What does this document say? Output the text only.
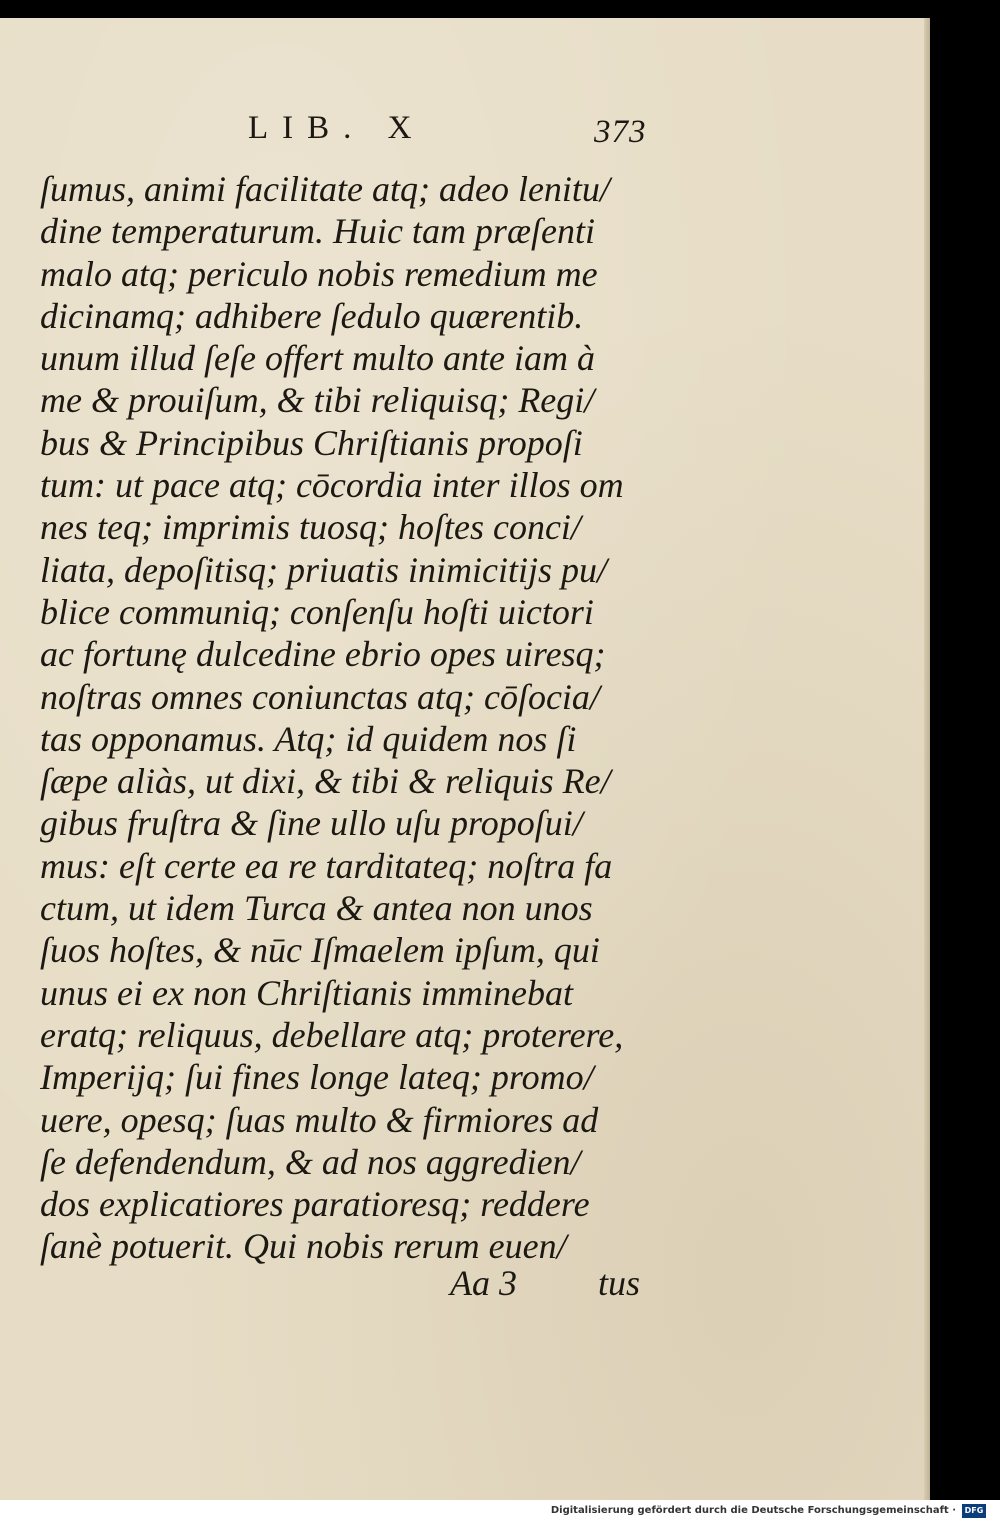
LIB. X	373
ſumus, animi facilitate atq; adeo lenitu/
dine temperaturum. Huic tam præſenti
malo atq; periculo nobis remedium me
dicinamq; adhibere ſedulo quærentib.
unum illud ſeſe offert multo ante iam à
me & prouiſum, & tibi reliquisq; Regi/
bus & Principibus Chriſtianis propoſi
tum: ut pace atq; cōcordia inter illos om
nes teq; imprimis tuosq; hoſtes conci/
liata, depoſitisq; priuatis inimicitijs pu/
blice communiq; conſenſu hoſti uictori
ac fortunę dulcedine ebrio opes uiresq;
noſtras omnes coniunctas atq; cōſocia/
tas opponamus. Atq; id quidem nos ſi
ſæpe aliàs, ut dixi, & tibi & reliquis Re/
gibus fruſtra & ſine ullo uſu propoſui/
mus: eſt certe ea re tarditateq; noſtra fa
ctum, ut idem Turca & antea non unos
ſuos hoſtes, & nūc Iſmaelem ipſum, qui
unus ei ex non Chriſtianis imminebat
eratq; reliquus, debellare atq; proterere,
Imperijq; ſui fines longe lateq; promo/
uere, opesq; ſuas multo & firmiores ad
ſe defendendum, & ad nos aggredien/
dos explicatiores paratioresq; reddere
ſanè potuerit. Qui nobis rerum euen/
Aa 3 tus
Digitalisierung gefördert durch die Deutsche Forschungsgemeinschaft ·	DFG
